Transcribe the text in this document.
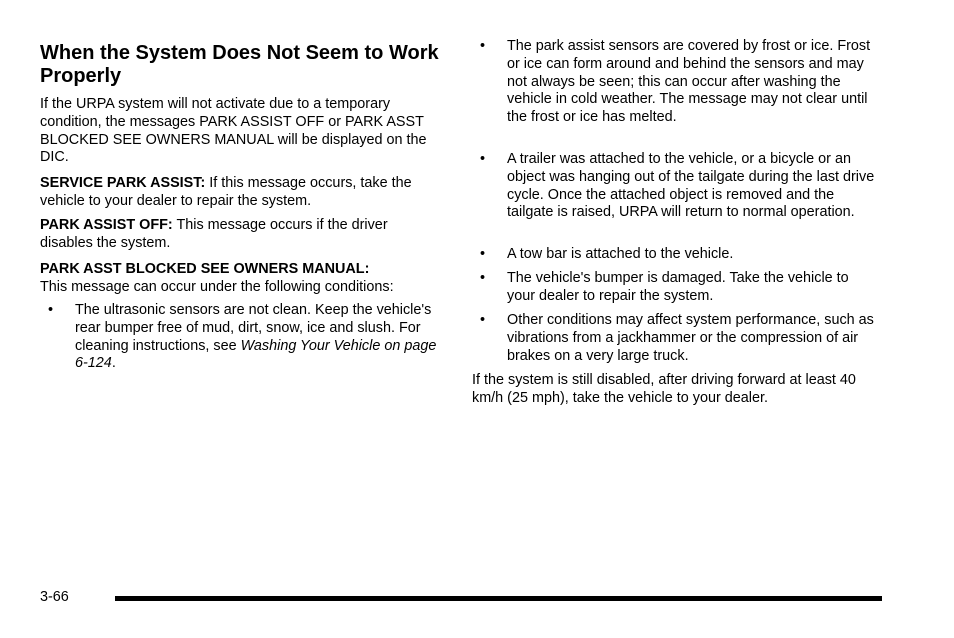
When the System Does Not Seem to Work Properly

If the URPA system will not activate due to a temporary condition, the messages PARK ASSIST OFF or PARK ASST BLOCKED SEE OWNERS MANUAL will be displayed on the DIC.

SERVICE PARK ASSIST: If this message occurs, take the vehicle to your dealer to repair the system.

PARK ASSIST OFF: This message occurs if the driver disables the system.

PARK ASST BLOCKED SEE OWNERS MANUAL:
This message can occur under the following conditions:

• The ultrasonic sensors are not clean. Keep the vehicle's rear bumper free of mud, dirt, snow, ice and slush. For cleaning instructions, see Washing Your Vehicle on page 6-124.

• The park assist sensors are covered by frost or ice. Frost or ice can form around and behind the sensors and may not always be seen; this can occur after washing the vehicle in cold weather. The message may not clear until the frost or ice has melted.

• A trailer was attached to the vehicle, or a bicycle or an object was hanging out of the tailgate during the last drive cycle. Once the attached object is removed and the tailgate is raised, URPA will return to normal operation.

• A tow bar is attached to the vehicle.

• The vehicle's bumper is damaged. Take the vehicle to your dealer to repair the system.

• Other conditions may affect system performance, such as vibrations from a jackhammer or the compression of air brakes on a very large truck.

If the system is still disabled, after driving forward at least 40 km/h (25 mph), take the vehicle to your dealer.

3-66
